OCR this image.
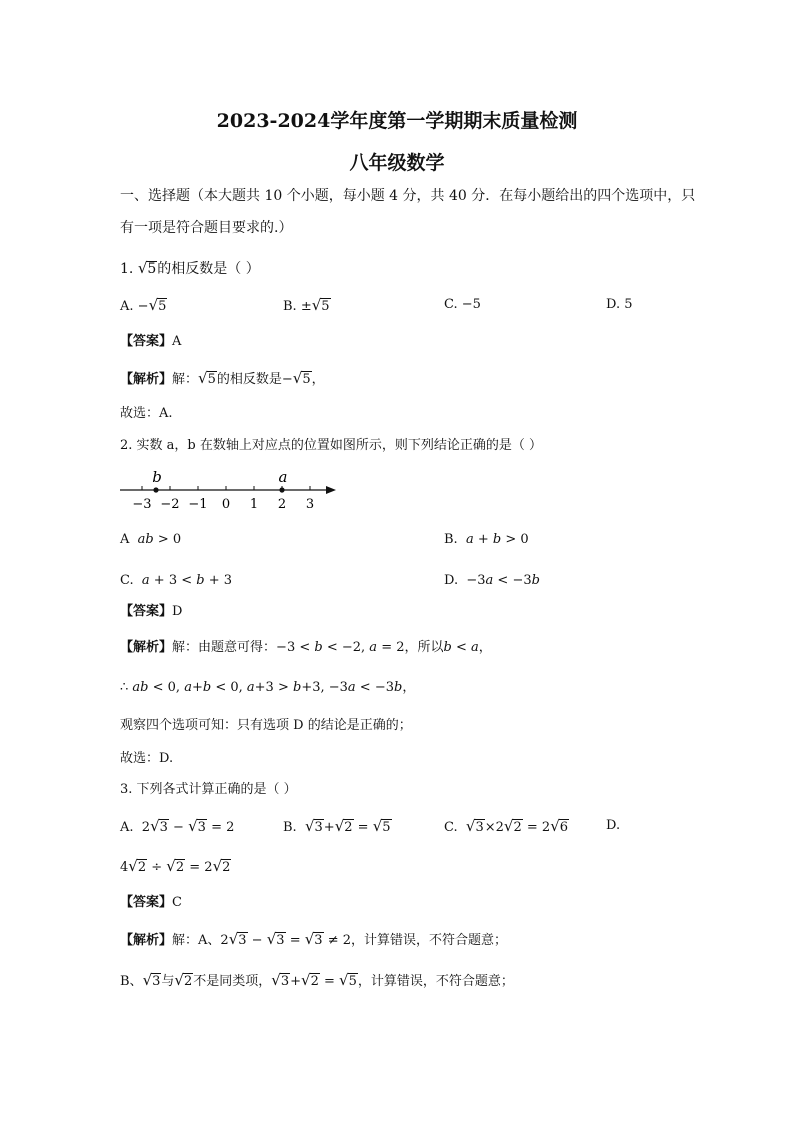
2023-2024学年度第一学期期末质量检测
八年级数学
一、选择题（本大题共 10 个小题，每小题 4 分，共 40 分．在每小题给出的四个选项中，只
有一项是符合题目要求的.）
1. √5的相反数是（ ）
A. −√5	B. ±√5	C. −5	D. 5
【答案】A
【解析】解：√5的相反数是−√5，
故选：A.
2. 实数 a，b 在数轴上对应点的位置如图所示，则下列结论正确的是（ ）
−3 −2 −1 0 1 2 3
b	a
A ab > 0	B. a + b > 0
C. a + 3 < b + 3	D.  −3a < −3b
【答案】D
【解析】解：由题意可得：−3 < b < −2, a = 2，所以b < a，
∴ ab < 0, a+b < 0, a+3 > b+3, −3a < −3b，
观察四个选项可知：只有选项 D 的结论是正确的；
故选：D.
3. 下列各式计算正确的是（ ）
A.  2√3 − √3 = 2	B. √3+√2 = √5	C. √3×2√2 = 2√6	D.
4√2 ÷ √2 = 2√2
【答案】C
【解析】解：A、2√3 − √3 = √3 ≠ 2，计算错误，不符合题意；
B、√3与√2不是同类项，√3+√2 = √5，计算错误，不符合题意；
